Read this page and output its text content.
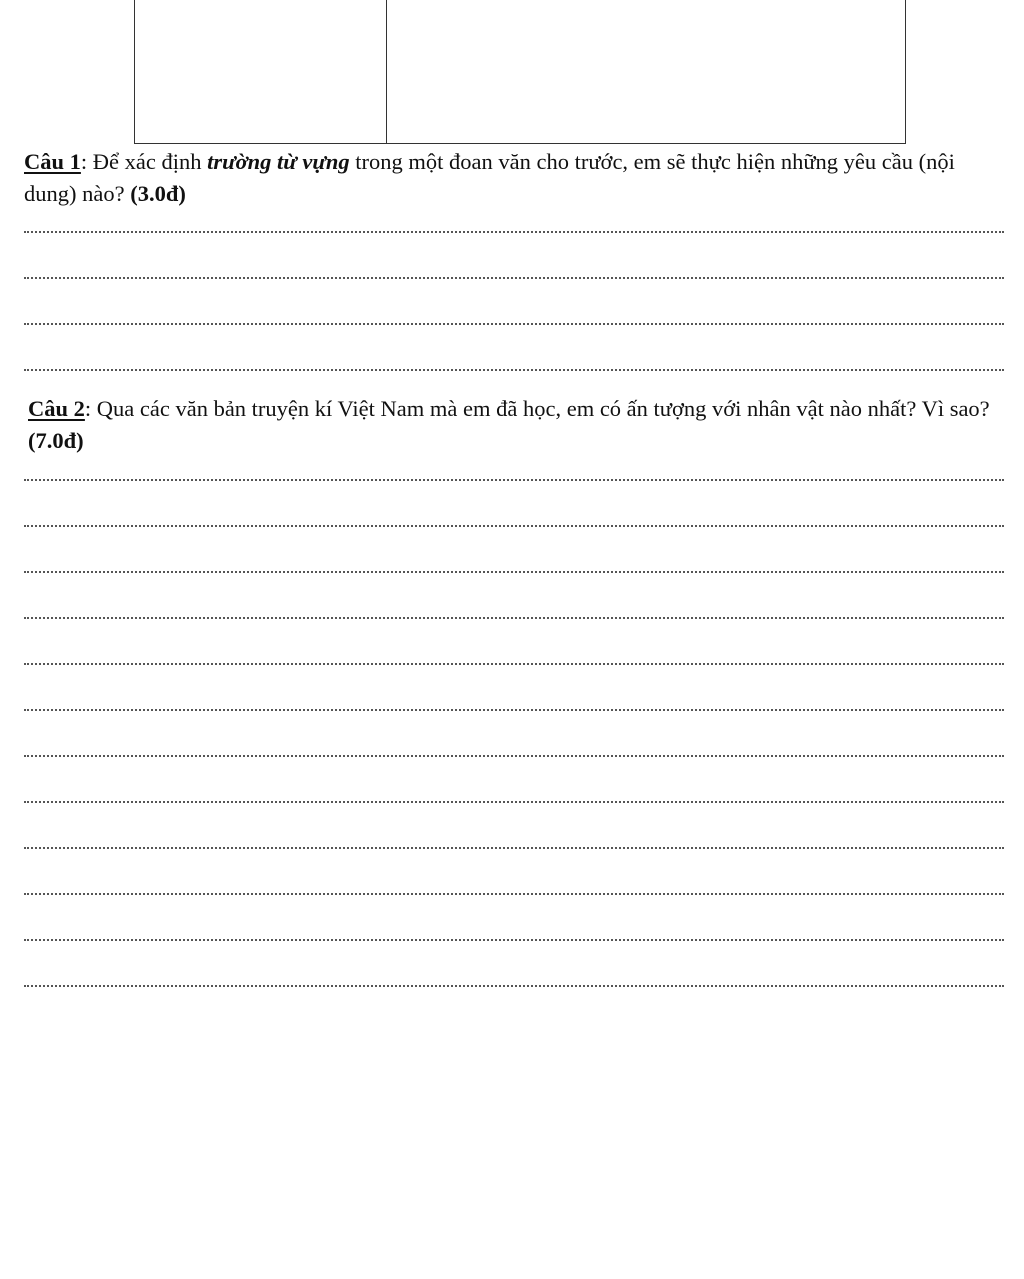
Câu 1: Để xác định trường từ vựng trong một đoan văn cho trước, em sẽ thực hiện những yêu cầu (nội dung) nào? (3.0đ)
Câu 2: Qua các văn bản truyện kí Việt Nam mà em đã học, em có ấn tượng với nhân vật nào nhất? Vì sao?(7.0đ)
